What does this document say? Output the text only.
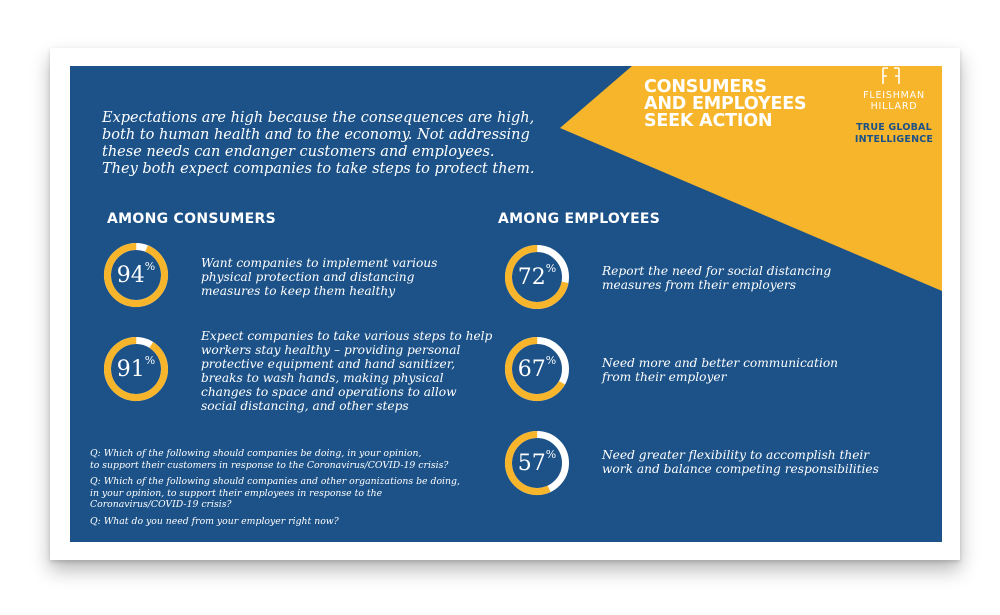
CONSUMERS
AND EMPLOYEES
SEEK ACTION
FLEISHMAN
HILLARD
TRUE GLOBAL
INTELLIGENCE
Expectations are high because the consequences are high,
both to human health and to the economy. Not addressing
these needs can endanger customers and employees.
They both expect companies to take steps to protect them.
AMONG CONSUMERS	AMONG EMPLOYEES
94 %	Want companies to implement various
physical protection and distancing
measures to keep them healthy
91 %
Expect companies to take various steps to help
workers stay healthy – providing personal
protective equipment and hand sanitizer,
breaks to wash hands, making physical
changes to space and operations to allow
social distancing, and other steps
72 %	Report the need for social distancing
measures from their employers
67 %	Need more and better communication
from their employer
57 %	Need greater flexibility to accomplish their
work and balance competing responsibilities

Q: Which of the following should companies be doing, in your opinion,
to support their customers in response to the Coronavirus/COVID-19 crisis?

Q: Which of the following should companies and other organizations be doing,
in your opinion, to support their employees in response to the
Coronavirus/COVID-19 crisis?

Q: What do you need from your employer right now?
